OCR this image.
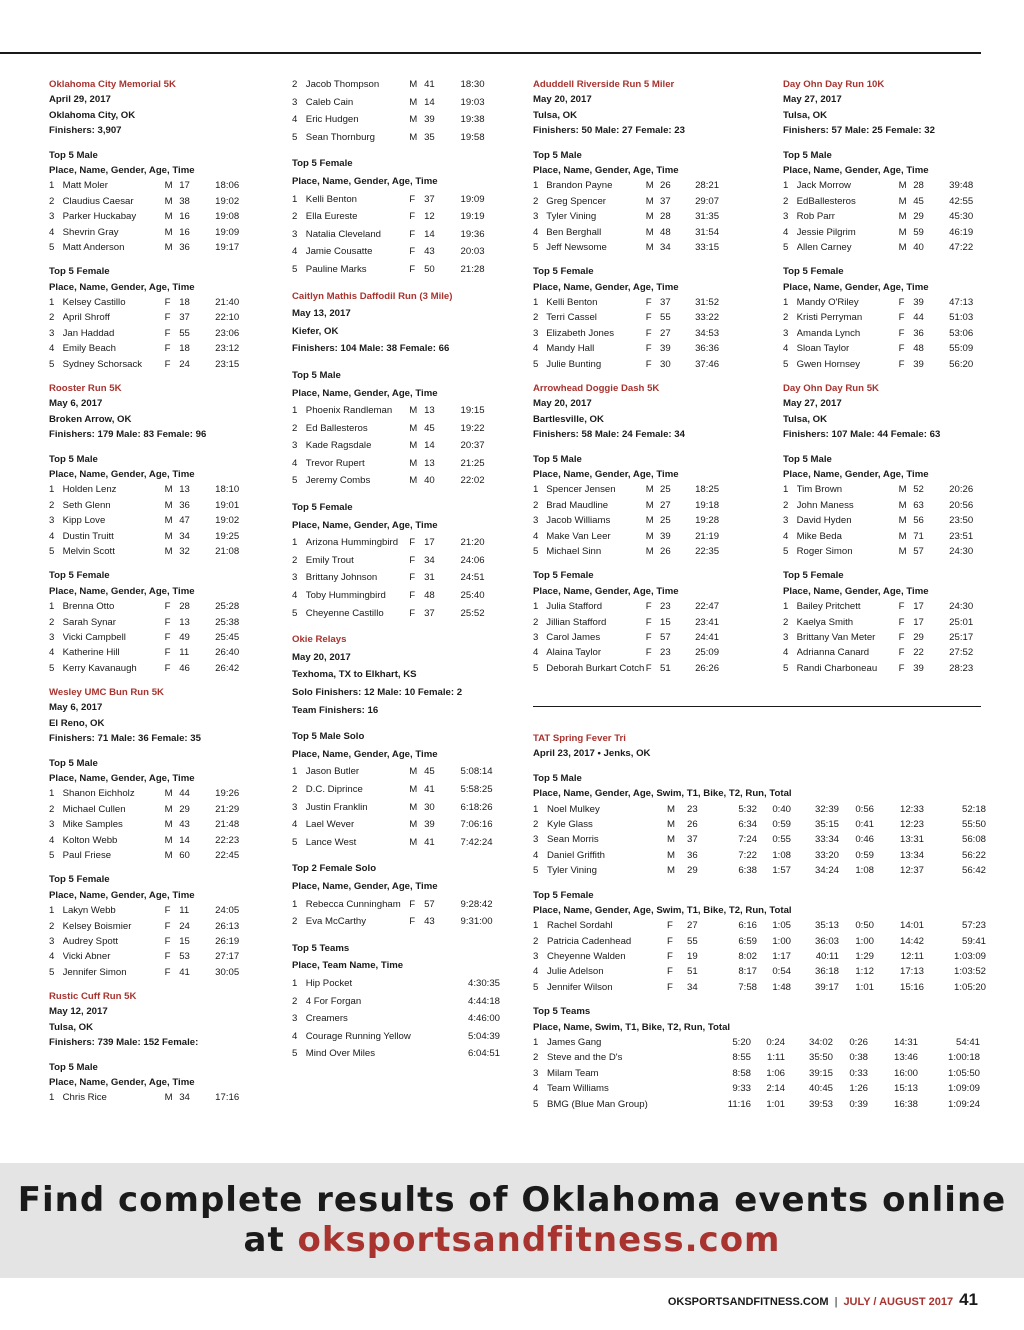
Oklahoma City Memorial 5K
April 29, 2017
Oklahoma City, OK
Finishers: 3,907
Top 5 Male
Place, Name, Gender, Age, Time
1 Matt Moler	M 17	18:06
2 Claudius Caesar	M 38	19:02
3 Parker Huckabay	M 16	19:08
4 Shevrin Gray	M 16	19:09
5 Matt Anderson	M 36	19:17
Top 5 Female
Place, Name, Gender, Age, Time
1 Kelsey Castillo	F 18	21:40
2 April Shroff	F 37	22:10
3 Jan Haddad	F 55	23:06
4 Emily Beach	F 18	23:12
5 Sydney Schorsack	F 24	23:15
Rooster Run 5K
May 6, 2017
Broken Arrow, OK
Finishers: 179 Male: 83 Female: 96
Top 5 Male
Place, Name, Gender, Age, Time
1 Holden Lenz	M 13	18:10
2 Seth Glenn	M 36	19:01
3 Kipp Love	M 47	19:02
4 Dustin Truitt	M 34	19:25
5 Melvin Scott	M 32	21:08
Top 5 Female
Place, Name, Gender, Age, Time
1 Brenna Otto	F 28	25:28
2 Sarah Synar	F 13	25:38
3 Vicki Campbell	F 49	25:45
4 Katherine Hill	F 11	26:40
5 Kerry Kavanaugh	F 46	26:42
Wesley UMC Bun Run 5K
May 6, 2017
El Reno, OK
Finishers: 71 Male: 36 Female: 35
Top 5 Male
Place, Name, Gender, Age, Time
1 Shanon Eichholz	M 44	19:26
2 Michael Cullen	M 29	21:29
3 Mike Samples	M 43	21:48
4 Kolton Webb	M 14	22:23
5 Paul Friese	M 60	22:45
Top 5 Female
Place, Name, Gender, Age, Time
1 Lakyn Webb	F 11	24:05
2 Kelsey Boismier	F 24	26:13
3 Audrey Spott	F 15	26:19
4 Vicki Abner	F 53	27:17
5 Jennifer Simon	F 41	30:05
Rustic Cuff Run 5K
May 12, 2017
Tulsa, OK
Finishers: 739 Male: 152 Female:
Top 5 Male
Place, Name, Gender, Age, Time
1 Chris Rice	M 34	17:16
2 Jacob Thompson	M 41	18:30
3 Caleb Cain	M 14	19:03
4 Eric Hudgen	M 39	19:38
5 Sean Thornburg	M 35	19:58
Top 5 Female
Place, Name, Gender, Age, Time
1 Kelli Benton	F 37	19:09
2 Ella Eureste	F 12	19:19
3 Natalia Cleveland	F 14	19:36
4 Jamie Cousatte	F 43	20:03
5 Pauline Marks	F 50	21:28
Caitlyn Mathis Daffodil Run (3 Mile)
May 13, 2017
Kiefer, OK
Finishers: 104 Male: 38 Female: 66
Top 5 Male
Place, Name, Gender, Age, Time
1 Phoenix Randleman	M 13	19:15
2 Ed Ballesteros	M 45	19:22
3 Kade Ragsdale	M 14	20:37
4 Trevor Rupert	M 13	21:25
5 Jeremy Combs	M 40	22:02
Top 5 Female
Place, Name, Gender, Age, Time
1 Arizona Hummingbird	F 17	21:20
2 Emily Trout	F 34	24:06
3 Brittany Johnson	F 31	24:51
4 Toby Hummingbird	F 48	25:40
5 Cheyenne Castillo	F 37	25:52
Okie Relays
May 20, 2017
Texhoma, TX to Elkhart, KS
Solo Finishers: 12 Male: 10 Female: 2
Team Finishers: 16
Top 5 Male Solo
Place, Name, Gender, Age, Time
1 Jason Butler	M 45	5:08:14
2 D.C. Diprince	M 41	5:58:25
3 Justin Franklin	M 30	6:18:26
4 Lael Wever	M 39	7:06:16
5 Lance West	M 41	7:42:24
Top 2 Female Solo
Place, Name, Gender, Age, Time
1 Rebecca Cunningham F 57	9:28:42
2 Eva McCarthy	F 43	9:31:00
Top 5 Teams
Place, Team Name, Time
1 Hip Pocket	4:30:35
2 4 For Forgan	4:44:18
3 Creamers	4:46:00
4 Courage Running Yellow	5:04:39
5 Mind Over Miles	6:04:51
Aduddell Riverside Run 5 Miler
May 20, 2017
Tulsa, OK
Finishers: 50 Male: 27 Female: 23
Top 5 Male
Place, Name, Gender, Age, Time
1 Brandon Payne	M 26	28:21
2 Greg Spencer	M 37	29:07
3 Tyler Vining	M 28	31:35
4 Ben Berghall	M 48	31:54
5 Jeff Newsome	M 34	33:15
Top 5 Female
Place, Name, Gender, Age, Time
1 Kelli Benton	F 37	31:52
2 Terri Cassel	F 55	33:22
3 Elizabeth Jones	F 27	34:53
4 Mandy Hall	F 39	36:36
5 Julie Bunting	F 30	37:46
Arrowhead Doggie Dash 5K
May 20, 2017
Bartlesville, OK
Finishers: 58 Male: 24 Female: 34
Top 5 Male
Place, Name, Gender, Age, Time
1 Spencer Jensen	M 25	18:25
2 Brad Maudline	M 27	19:18
3 Jacob Williams	M 25	19:28
4 Make Van Leer	M 39	21:19
5 Michael Sinn	M 26	22:35
Top 5 Female
Place, Name, Gender, Age, Time
1 Julia Stafford	F 23	22:47
2 Jillian Stafford	F 15	23:41
3 Carol James	F 57	24:41
4 Alaina Taylor	F 23	25:09
5 Deborah Burkart Cotch F 51	26:26
Day Ohn Day Run 10K
May 27, 2017
Tulsa, OK
Finishers: 57 Male: 25 Female: 32
Top 5 Male
Place, Name, Gender, Age, Time
1 Jack Morrow	M 28	39:48
2 EdBallesteros	M 45	42:55
3 Rob Parr	M 29	45:30
4 Jessie Pilgrim	M 59	46:19
5 Allen Carney	M 40	47:22
Top 5 Female
Place, Name, Gender, Age, Time
1 Mandy O'Riley	F 39	47:13
2 Kristi Perryman	F 44	51:03
3 Amanda Lynch	F 36	53:06
4 Sloan Taylor	F 48	55:09
5 Gwen Hornsey	F 39	56:20
Day Ohn Day Run 5K
May 27, 2017
Tulsa, OK
Finishers: 107 Male: 44 Female: 63
Top 5 Male
Place, Name, Gender, Age, Time
1 Tim Brown	M 52	20:26
2 John Maness	M 63	20:56
3 David Hyden	M 56	23:50
4 Mike Beda	M 71	23:51
5 Roger Simon	M 57	24:30
Top 5 Female
Place, Name, Gender, Age, Time
1 Bailey Pritchett	F 17	24:30
2 Kaelya Smith	F 17	25:01
3 Brittany Van Meter	F 29	25:17
4 Adrianna Canard	F 22	27:52
5 Randi Charboneau	F 39	28:23
TAT Spring Fever Tri
April 23, 2017 • Jenks, OK
Top 5 Male
Place, Name, Gender, Age, Swim, T1, Bike, T2, Run, Total
1 Noel Mulkey	M	23	5:32	0:40	32:39	0:56	12:33	52:18
2 Kyle Glass	M	26	6:34	0:59	35:15	0:41	12:23	55:50
3 Sean Morris	M	37	7:24	0:55	33:34	0:46	13:31	56:08
4 Daniel Griffith	M	36	7:22	1:08	33:20	0:59	13:34	56:22
5 Tyler Vining	M	29	6:38	1:57	34:24	1:08	12:37	56:42
Top 5 Female
Place, Name, Gender, Age, Swim, T1, Bike, T2, Run, Total
1 Rachel Sordahl	F	27	6:16	1:05	35:13	0:50	14:01	57:23
2 Patricia Cadenhead	F	55	6:59	1:00	36:03	1:00	14:42	59:41
3 Cheyenne Walden	F	19	8:02	1:17	40:11	1:29	12:11	1:03:09
4 Julie Adelson	F	51	8:17	0:54	36:18	1:12	17:13	1:03:52
5 Jennifer Wilson	F	34	7:58	1:48	39:17	1:01	15:16	1:05:20
Top 5 Teams
Place, Name, Swim, T1, Bike, T2, Run, Total
1 James Gang	5:20	0:24	34:02	0:26	14:31	54:41
2 Steve and the D's	8:55	1:11	35:50	0:38	13:46	1:00:18
3 Milam Team	8:58	1:06	39:15	0:33	16:00	1:05:50
4 Team Williams	9:33	2:14	40:45	1:26	15:13	1:09:09
5 BMG (Blue Man Group)	11:16	1:01	39:53	0:39	16:38	1:09:24
Find complete results of Oklahoma events online
at oksportsandfitness.com
OKSPORTSANDFITNESS.COM | JULY / AUGUST 2017 41
